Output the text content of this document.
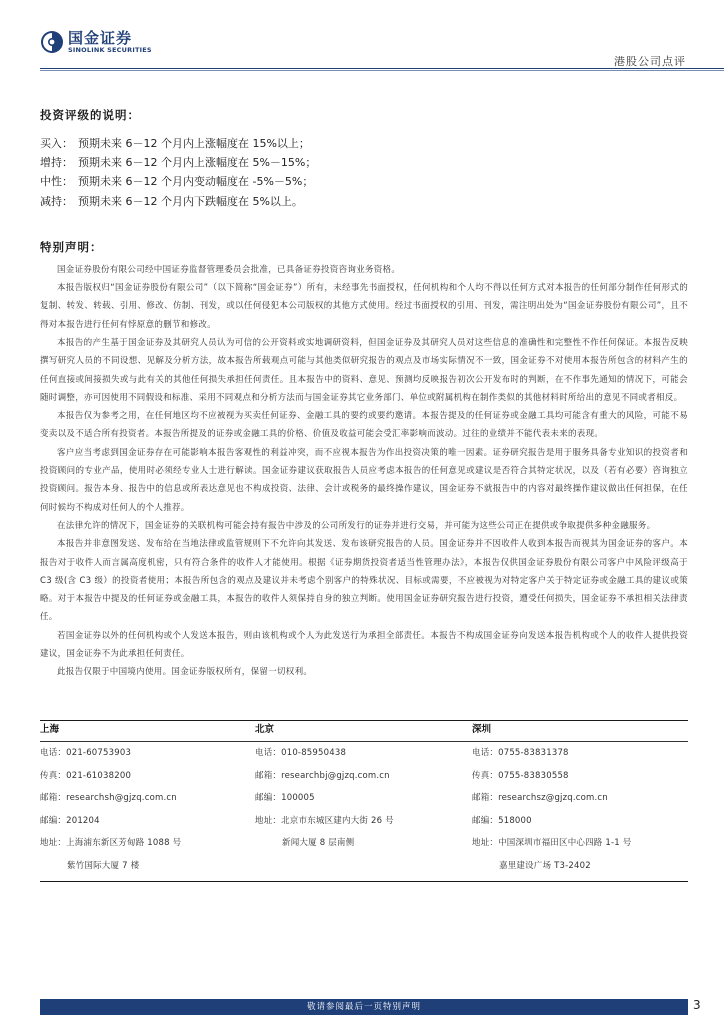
国金证券
SINOLINK SECURITIES
港股公司点评
投资评级的说明：
买入： 预期未来 6－12 个月内上涨幅度在 15%以上；
增持： 预期未来 6－12 个月内上涨幅度在 5%－15%；
中性： 预期未来 6－12 个月内变动幅度在 -5%－5%；
减持： 预期未来 6－12 个月内下跌幅度在 5%以上。
特别声明：

国金证券股份有限公司经中国证券监督管理委员会批准，已具备证券投资咨询业务资格。

本报告版权归“国金证券股份有限公司”（以下简称“国金证券”）所有，未经事先书面授权，任何机构和个人均不得以任何方式对本报告的任何部分制作任何形式的复制、转发、转载、引用、修改、仿制、刊发，或以任何侵犯本公司版权的其他方式使用。经过书面授权的引用、刊发，需注明出处为“国金证券股份有限公司”，且不得对本报告进行任何有悖原意的删节和修改。

本报告的产生基于国金证券及其研究人员认为可信的公开资料或实地调研资料，但国金证券及其研究人员对这些信息的准确性和完整性不作任何保证。本报告反映撰写研究人员的不同设想、见解及分析方法，故本报告所载观点可能与其他类似研究报告的观点及市场实际情况不一致，国金证券不对使用本报告所包含的材料产生的任何直接或间接损失或与此有关的其他任何损失承担任何责任。且本报告中的资料、意见、预测均反映报告初次公开发布时的判断，在不作事先通知的情况下，可能会随时调整，亦可因使用不同假设和标准、采用不同观点和分析方法而与国金证券其它业务部门、单位或附属机构在制作类似的其他材料时所给出的意见不同或者相反。

本报告仅为参考之用，在任何地区均不应被视为买卖任何证券、金融工具的要约或要约邀请。本报告提及的任何证券或金融工具均可能含有重大的风险，可能不易变卖以及不适合所有投资者。本报告所提及的证券或金融工具的价格、价值及收益可能会受汇率影响而波动。过往的业绩并不能代表未来的表现。

客户应当考虑到国金证券存在可能影响本报告客观性的利益冲突，而不应视本报告为作出投资决策的唯一因素。证券研究报告是用于服务具备专业知识的投资者和投资顾问的专业产品，使用时必须经专业人士进行解读。国金证券建议获取报告人员应考虑本报告的任何意见或建议是否符合其特定状况，以及（若有必要）咨询独立投资顾问。报告本身、报告中的信息或所表达意见也不构成投资、法律、会计或税务的最终操作建议，国金证券不就报告中的内容对最终操作建议做出任何担保，在任何时候均不构成对任何人的个人推荐。

在法律允许的情况下，国金证券的关联机构可能会持有报告中涉及的公司所发行的证券并进行交易，并可能为这些公司正在提供或争取提供多种金融服务。

本报告并非意图发送、发布给在当地法律或监管规则下不允许向其发送、发布该研究报告的人员。国金证券并不因收件人收到本报告而视其为国金证券的客户。本报告对于收件人而言属高度机密，只有符合条件的收件人才能使用。根据《证券期货投资者适当性管理办法》，本报告仅供国金证券股份有限公司客户中风险评级高于 C3 级(含 C3 级）的投资者使用；本报告所包含的观点及建议并未考虑个别客户的特殊状况、目标或需要，不应被视为对特定客户关于特定证券或金融工具的建议或策略。对于本报告中提及的任何证券或金融工具，本报告的收件人须保持自身的独立判断。使用国金证券研究报告进行投资，遭受任何损失，国金证券不承担相关法律责任。

若国金证券以外的任何机构或个人发送本报告，则由该机构或个人为此发送行为承担全部责任。本报告不构成国金证券向发送本报告机构或个人的收件人提供投资建议，国金证券不为此承担任何责任。

此报告仅限于中国境内使用。国金证券版权所有，保留一切权利。

上海
电话：021-60753903
传真：021-61038200
邮箱：researchsh@gjzq.com.cn
邮编：201204
地址：上海浦东新区芳甸路 1088 号
紫竹国际大厦 7 楼
北京
电话：010-85950438
邮箱：researchbj@gjzq.com.cn
邮编：100005
地址：北京市东城区建内大街 26 号
新闻大厦 8 层南侧
深圳
电话：0755-83831378
传真：0755-83830558
邮箱：researchsz@gjzq.com.cn
邮编：518000
地址：中国深圳市福田区中心四路 1-1 号
嘉里建设广场 T3-2402
敬请参阅最后一页特别声明	3
